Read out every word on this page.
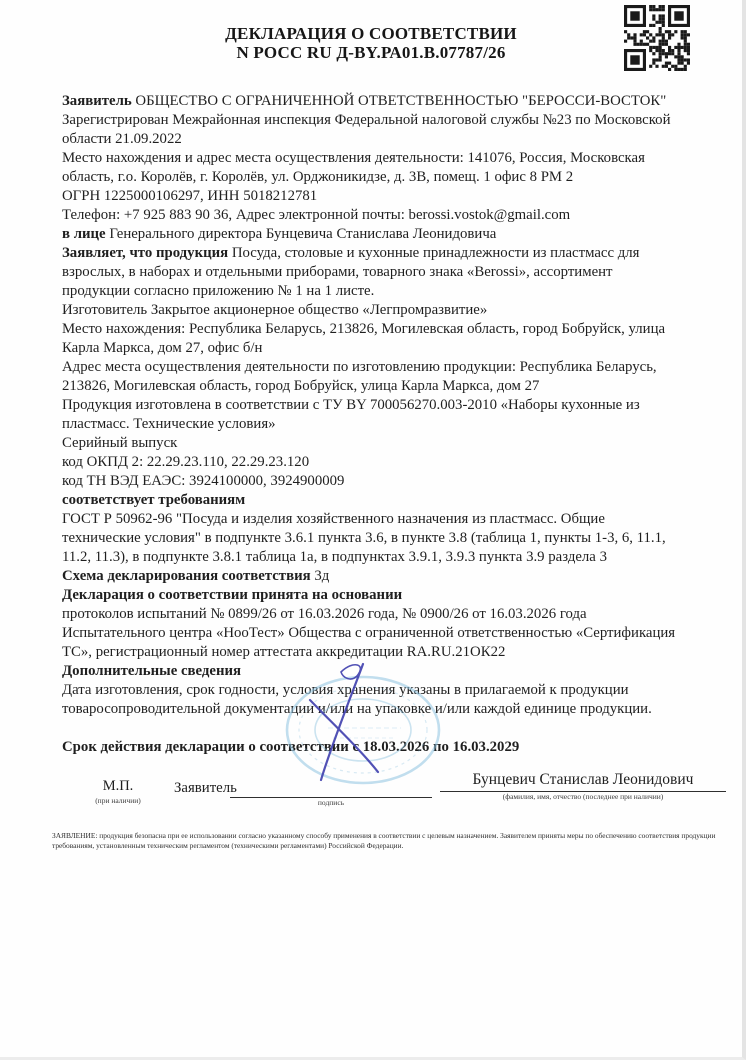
ДЕКЛАРАЦИЯ О СООТВЕТСТВИИ
N РОСС RU Д-BY.РА01.В.07787/26

Заявитель ОБЩЕСТВО С ОГРАНИЧЕННОЙ ОТВЕТСТВЕННОСТЬЮ "БЕРОССИ-ВОСТОК"

Зарегистрирован Межрайонная инспекция Федеральной налоговой службы №23 по Московской области 21.09.2022

Место нахождения и адрес места осуществления деятельности: 141076, Россия, Московская область, г.о. Королёв, г. Королёв, ул. Орджоникидзе, д. 3В, помещ. 1 офис 8 РМ 2

ОГРН 1225000106297, ИНН 5018212781

Телефон: +7 925 883 90 36, Адрес электронной почты: berossi.vostok@gmail.com

в лице Генерального директора Бунцевича Станислава Леонидовича

Заявляет, что продукция Посуда, столовые и кухонные принадлежности из пластмасс для взрослых, в наборах и отдельными приборами, товарного знака «Berossi», ассортимент продукции согласно приложению № 1 на 1 листе.

Изготовитель Закрытое акционерное общество «Легпромразвитие»

Место нахождения: Республика Беларусь, 213826, Могилевская область, город Бобруйск, улица Карла Маркса, дом 27, офис б/н

Адрес места осуществления деятельности по изготовлению продукции: Республика Беларусь, 213826, Могилевская область, город Бобруйск, улица Карла Маркса, дом 27

Продукция изготовлена в соответствии с ТУ BY 700056270.003-2010 «Наборы кухонные из пластмасс. Технические условия»

Серийный выпуск

код ОКПД 2: 22.29.23.110, 22.29.23.120

код ТН ВЭД ЕАЭС: 3924100000, 3924900009

соответствует требованиям

ГОСТ Р 50962-96 "Посуда и изделия хозяйственного назначения из пластмасс. Общие технические условия" в подпункте 3.6.1 пункта 3.6, в пункте 3.8 (таблица 1, пункты 1-3, 6, 11.1, 11.2, 11.3), в подпункте 3.8.1 таблица 1а, в подпунктах 3.9.1, 3.9.3 пункта 3.9 раздела 3

Схема декларирования соответствия 3д

Декларация о соответствии принята на основании

протоколов испытаний № 0899/26 от 16.03.2026 года, № 0900/26 от 16.03.2026 года Испытательного центра «НооТест» Общества с ограниченной ответственностью «Сертификация ТС», регистрационный номер аттестата аккредитации RA.RU.21ОК22

Дополнительные сведения

Дата изготовления, срок годности, условия хранения указаны в прилагаемой к продукции товаросопроводительной документации и/или на упаковке и/или каждой единице продукции.

Срок действия декларации о соответствии с 18.03.2026 по 16.03.2029

М.П.
(при наличии)
Заявитель
подпись
Бунцевич Станислав Леонидович
(фамилия, имя, отчество (последнее при наличии)

ЗАЯВЛЕНИЕ: продукция безопасна при ее использовании согласно указанному способу применения в соответствии с целевым назначением. Заявителем приняты меры по обеспечению соответствия продукции требованиям, установленным техническим регламентом (техническими регламентами) Российской Федерации.
